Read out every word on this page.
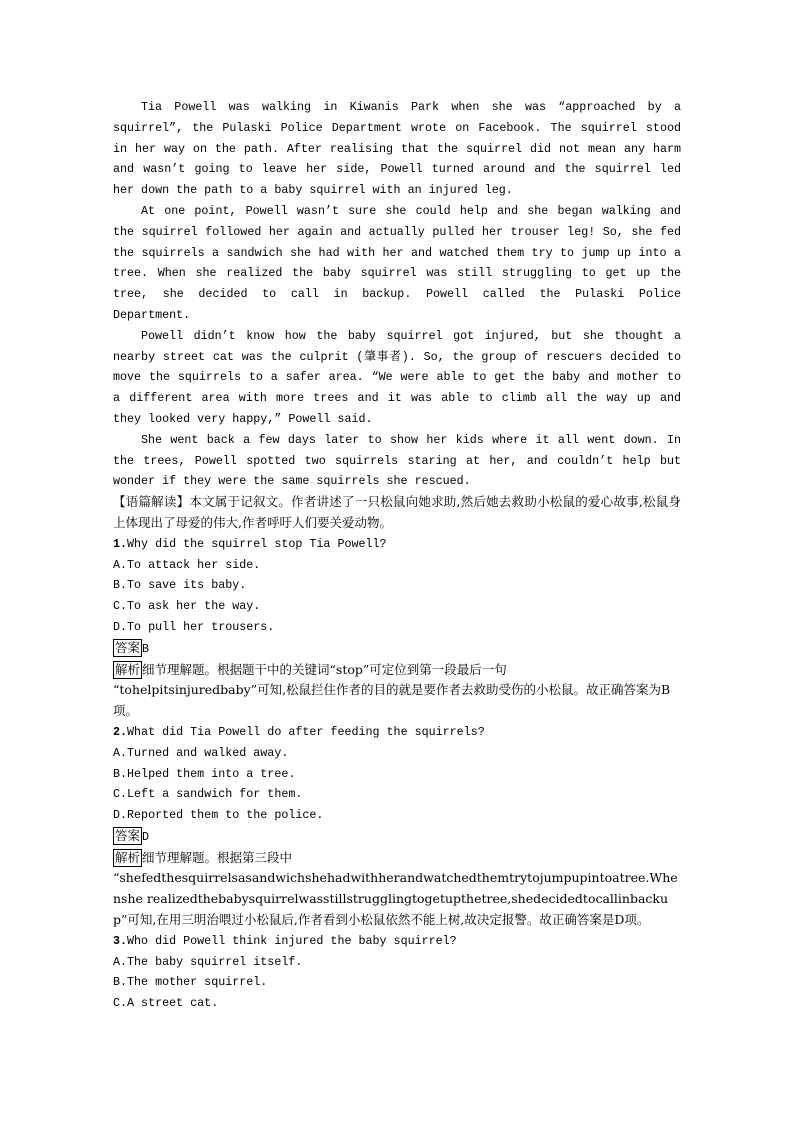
Tia Powell was walking in Kiwanis Park when she was “approached by a squirrel”, the Pulaski Police Department wrote on Facebook. The squirrel stood in her way on the path. After realising that the squirrel did not mean any harm and wasn’t going to leave her side, Powell turned around and the squirrel led her down the path to a baby squirrel with an injured leg.

At one point, Powell wasn’t sure she could help and she began walking and the squirrel followed her again and actually pulled her trouser leg! So, she fed the squirrels a sandwich she had with her and watched them try to jump up into a tree. When she realized the baby squirrel was still struggling to get up the tree, she decided to call in backup. Powell called the Pulaski Police Department.

Powell didn’t know how the baby squirrel got injured, but she thought a nearby street cat was the culprit (肇事者). So, the group of rescuers decided to move the squirrels to a safer area. “We were able to get the baby and mother to a different area with more trees and it was able to climb all the way up and they looked very happy,” Powell said.

She went back a few days later to show her kids where it all went down. In the trees, Powell spotted two squirrels staring at her, and couldn’t help but wonder if they were the same squirrels she rescued.

【语篇解读】本文属于记叙文。作者讲述了一只松鼠向她求助,然后她去救助小松鼠的爱心故事,松鼠身上体现出了母爱的伟大,作者呼吁人们要关爱动物。

1.Why did the squirrel stop Tia Powell?

A.To attack her side.

B.To save its baby.

C.To ask her the way.

D.To pull her trousers.

答案 B

解析 细节理解题。根据题干中的关键词“stop”可定位到第一段最后一句

“tohelpitsinjuredbaby”可知,松鼠拦住作者的目的就是要作者去救助受伤的小松鼠。故正确答案为B项。

2.What did Tia Powell do after feeding the squirrels?

A.Turned and walked away.

B.Helped them into a tree.

C.Left a sandwich for them.

D.Reported them to the police.

答案 D

解析 细节理解题。根据第三段中

“shefedthesquirrelsasandwichshehadwithherandwatchedthemtrytojumpupintoatree.Whenshe realizedthebabysquirrelwasstillstrugglingtogetupthetree,shedecidedtocallinbackup”可知,在用三明治喂过小松鼠后,作者看到小松鼠依然不能上树,故决定报警。故正确答案是D项。

3.Who did Powell think injured the baby squirrel?

A.The baby squirrel itself.

B.The mother squirrel.

C.A street cat.
